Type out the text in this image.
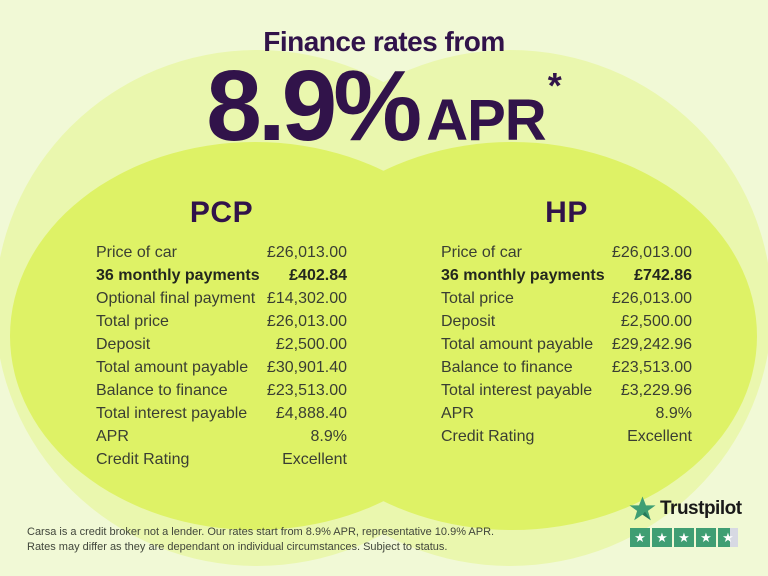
Finance rates from
8.9% APR
*
PCP
Price of car	£26,013.00
36 monthly payments £402.84
Optional final payment £14,302.00
Total price	£26,013.00
Deposit	£2,500.00
Total amount payable £30,901.40
Balance to finance £23,513.00
Total interest payable £4,888.40
APR	8.9%
Credit Rating	Excellent
HP
Price of car	£26,013.00
36 monthly payments £742.86
Total price	£26,013.00
Deposit	£2,500.00
Total amount payable £29,242.96
Balance to finance £23,513.00
Total interest payable £3,229.96
APR	8.9%
Credit Rating	Excellent

Carsa is a credit broker not a lender. Our rates start from 8.9% APR, representative 10.9% APR.
Rates may differ as they are dependant on individual circumstances. Subject to status.

Trustpilot
★ ★ ★ ★ ★
